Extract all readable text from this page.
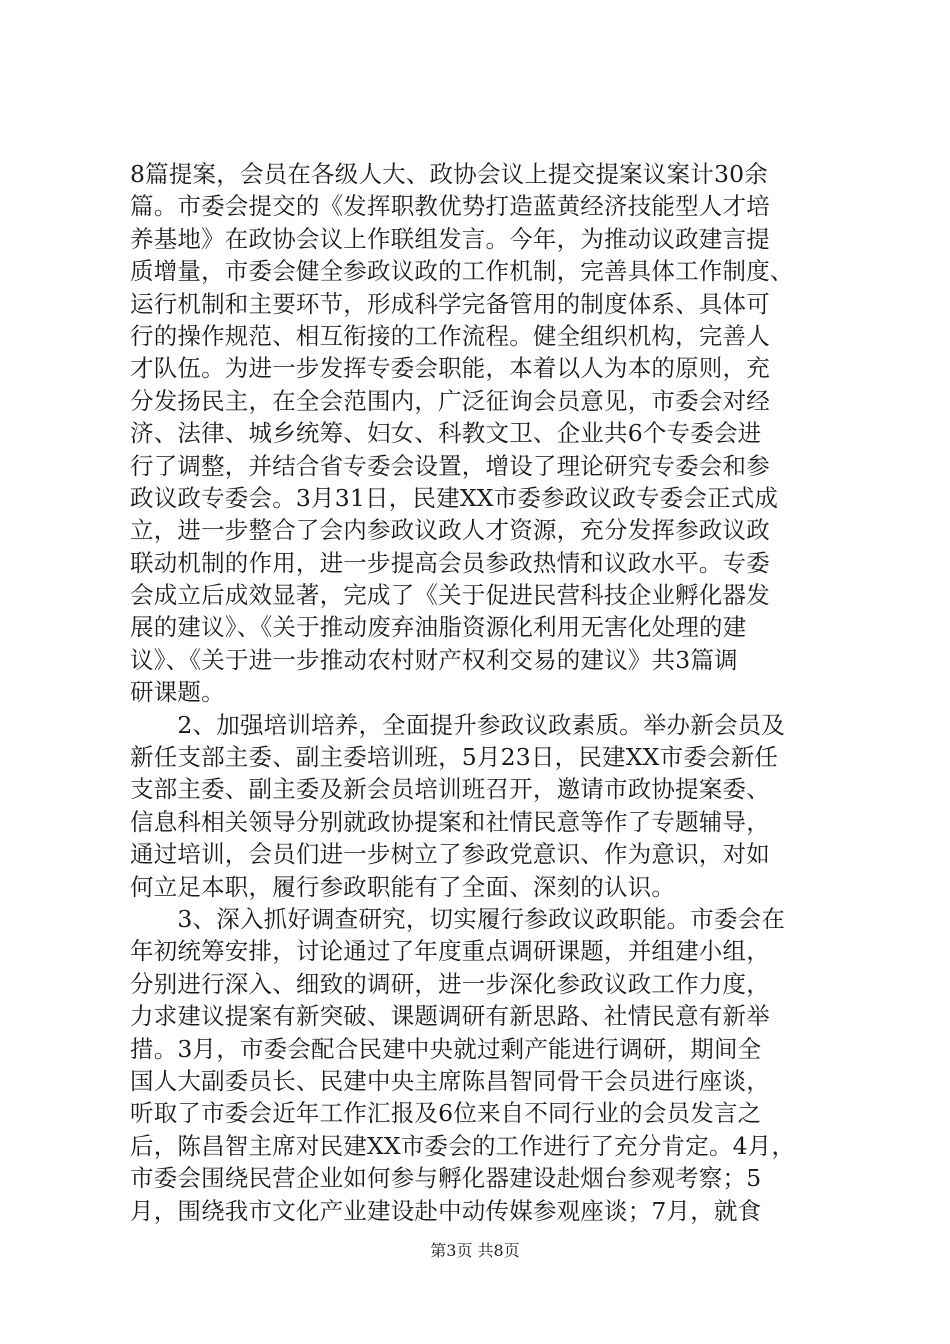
8篇提案，会员在各级人大、政协会议上提交提案议案计30余
篇。市委会提交的《发挥职教优势打造蓝黄经济技能型人才培
养基地》在政协会议上作联组发言。今年，为推动议政建言提
质增量，市委会健全参政议政的工作机制，完善具体工作制度、
运行机制和主要环节，形成科学完备管用的制度体系、具体可
行的操作规范、相互衔接的工作流程。健全组织机构，完善人
才队伍。为进一步发挥专委会职能，本着以人为本的原则，充
分发扬民主，在全会范围内，广泛征询会员意见，市委会对经
济、法律、城乡统筹、妇女、科教文卫、企业共6个专委会进
行了调整，并结合省专委会设置，增设了理论研究专委会和参
政议政专委会。3月31日，民建XX市委参政议政专委会正式成
立，进一步整合了会内参政议政人才资源，充分发挥参政议政
联动机制的作用，进一步提高会员参政热情和议政水平。专委
会成立后成效显著，完成了《关于促进民营科技企业孵化器发
展的建议》、《关于推动废弃油脂资源化利用无害化处理的建
议》、《关于进一步推动农村财产权利交易的建议》共3篇调
研课题。
　　2、加强培训培养，全面提升参政议政素质。举办新会员及
新任支部主委、副主委培训班，5月23日，民建XX市委会新任
支部主委、副主委及新会员培训班召开，邀请市政协提案委、
信息科相关领导分别就政协提案和社情民意等作了专题辅导，
通过培训，会员们进一步树立了参政党意识、作为意识，对如
何立足本职，履行参政职能有了全面、深刻的认识。
　　3、深入抓好调查研究，切实履行参政议政职能。市委会在
年初统筹安排，讨论通过了年度重点调研课题，并组建小组，
分别进行深入、细致的调研，进一步深化参政议政工作力度，
力求建议提案有新突破、课题调研有新思路、社情民意有新举
措。3月，市委会配合民建中央就过剩产能进行调研，期间全
国人大副委员长、民建中央主席陈昌智同骨干会员进行座谈，
听取了市委会近年工作汇报及6位来自不同行业的会员发言之
后，陈昌智主席对民建XX市委会的工作进行了充分肯定。4月，
市委会围绕民营企业如何参与孵化器建设赴烟台参观考察；5
月，围绕我市文化产业建设赴中动传媒参观座谈；7月，就食
第3页 共8页
